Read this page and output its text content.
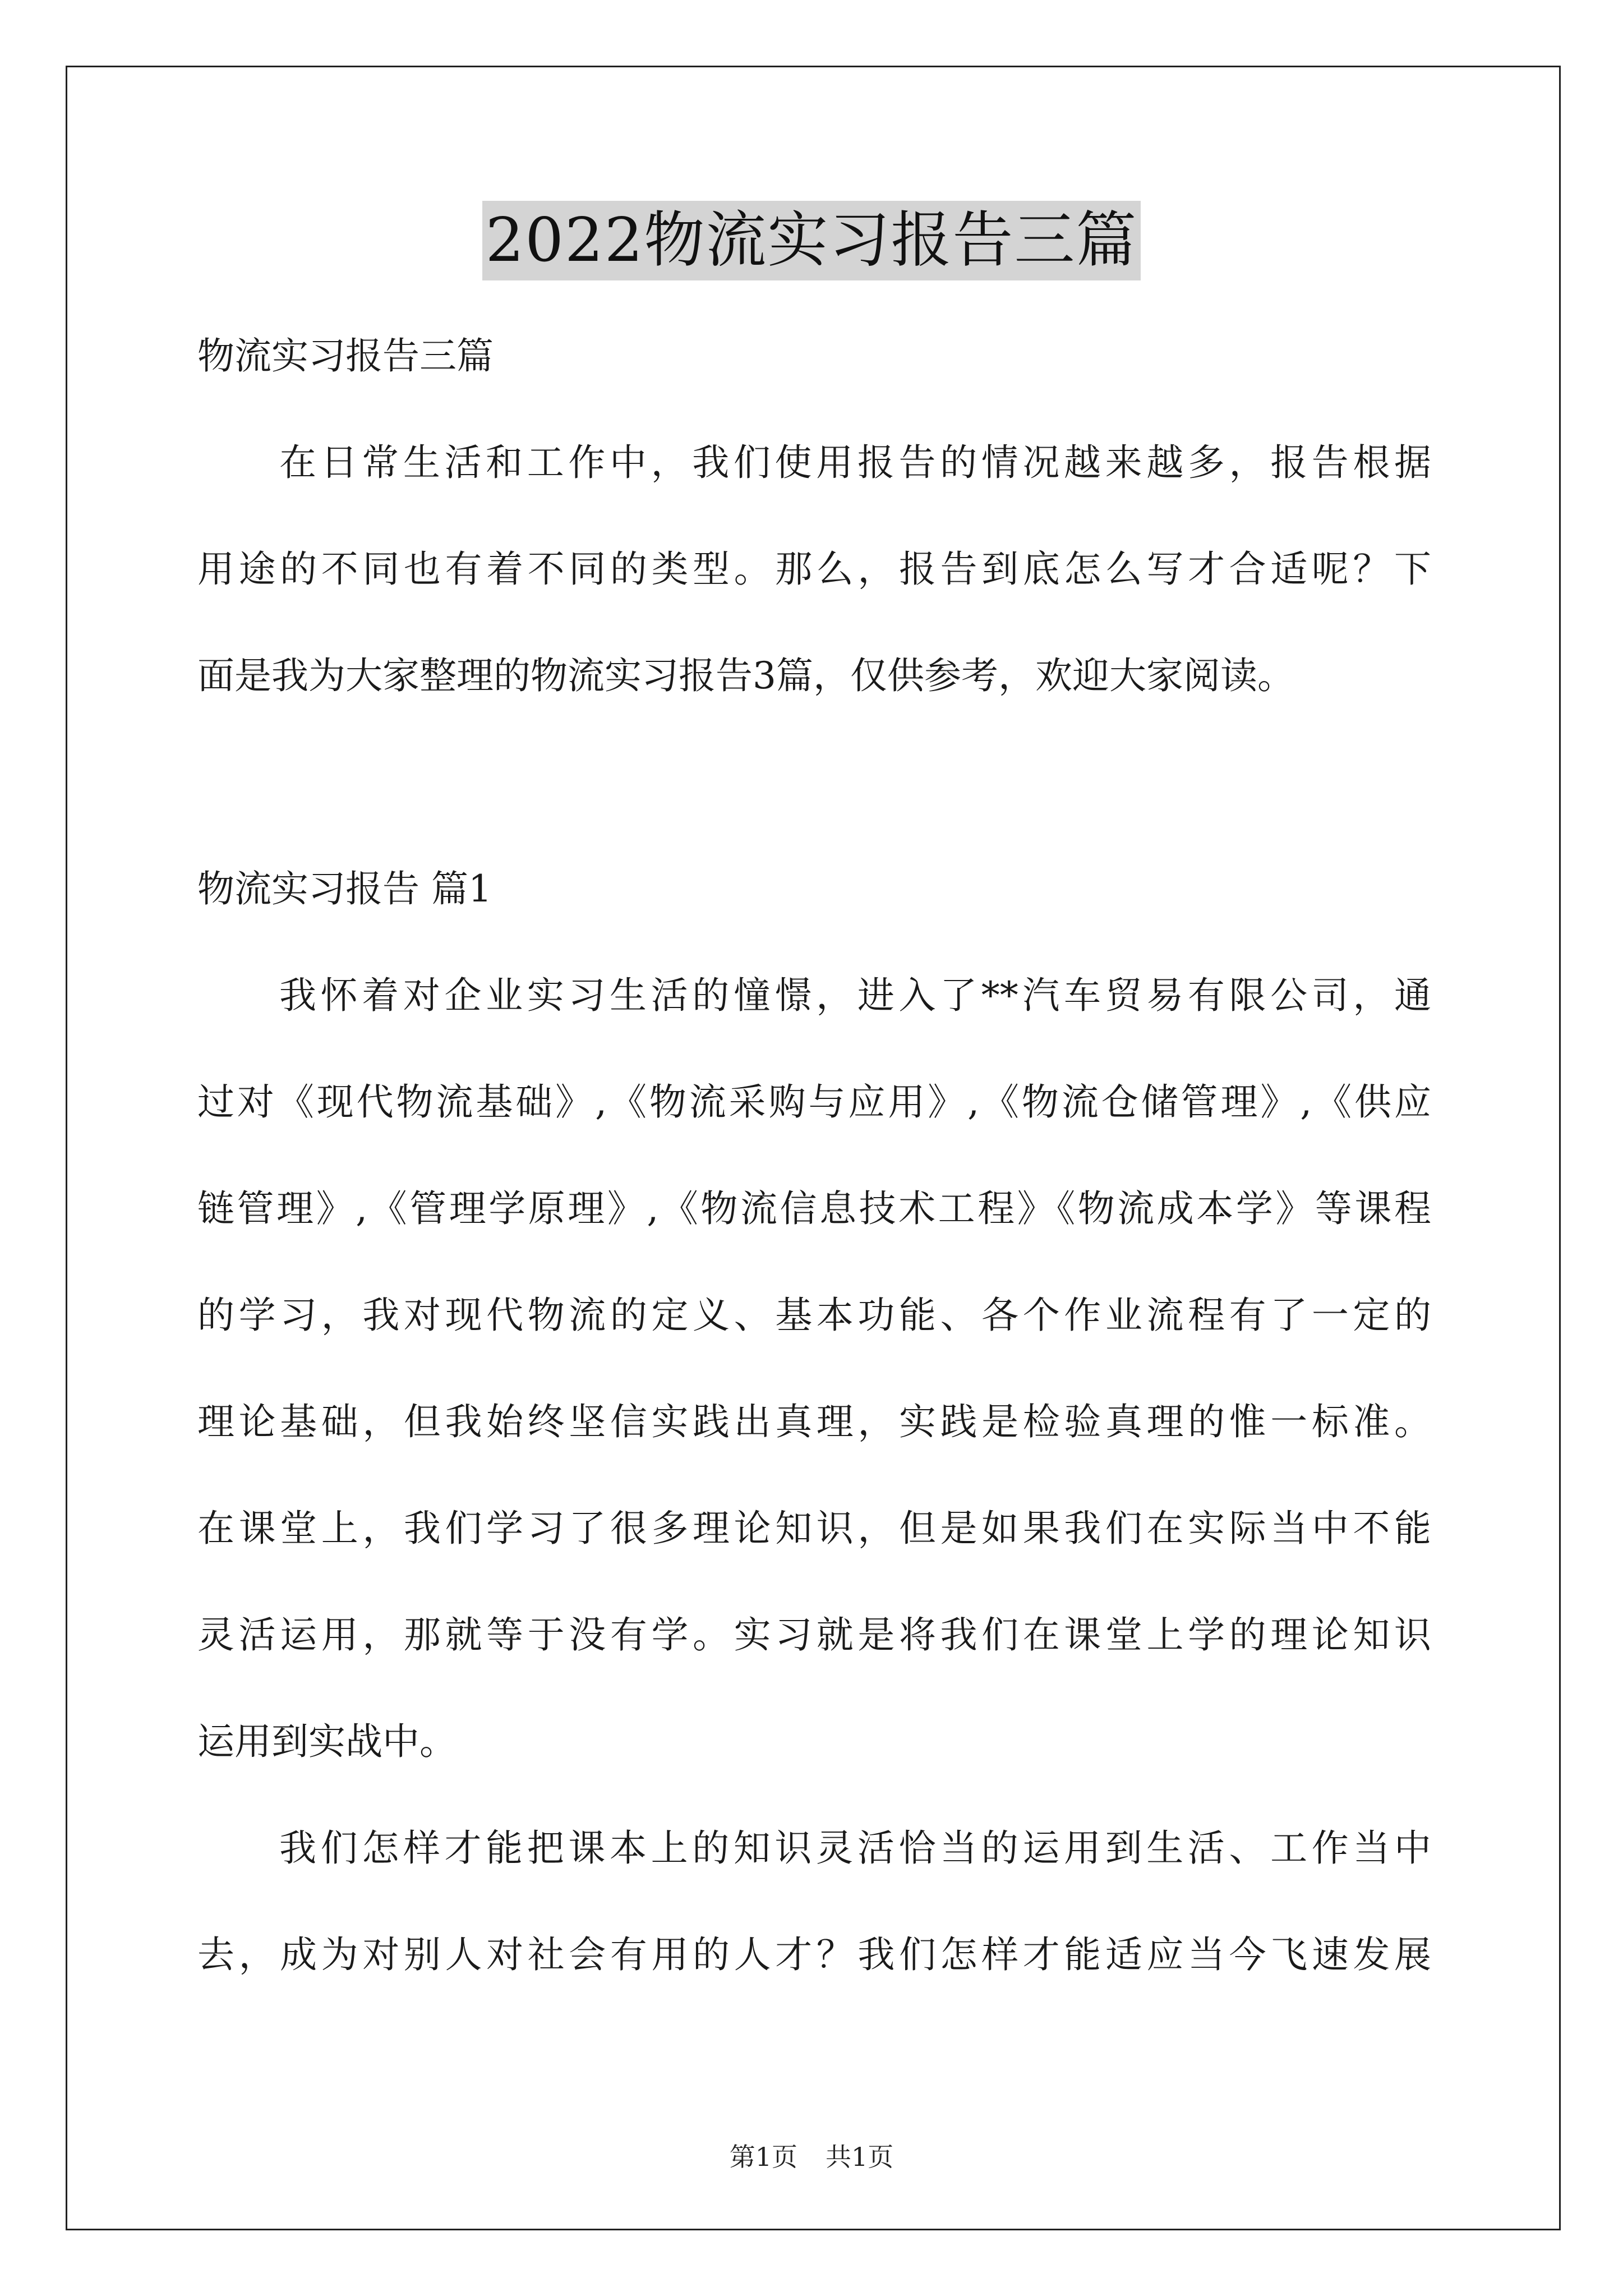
2022物流实习报告三篇
物流实习报告三篇
在日常生活和工作中，我们使用报告的情况越来越多，报告根据
用途的不同也有着不同的类型。那么，报告到底怎么写才合适呢？下
面是我为大家整理的物流实习报告3篇，仅供参考，欢迎大家阅读。
物流实习报告 篇1
我怀着对企业实习生活的憧憬，进入了**汽车贸易有限公司，通
过对《现代物流基础》,《物流采购与应用》,《物流仓储管理》,《供应
链管理》,《管理学原理》,《物流信息技术工程》《物流成本学》等课程
的学习，我对现代物流的定义、基本功能、各个作业流程有了一定的
理论基础，但我始终坚信实践出真理，实践是检验真理的惟一标准。
在课堂上，我们学习了很多理论知识，但是如果我们在实际当中不能
灵活运用，那就等于没有学。实习就是将我们在课堂上学的理论知识
运用到实战中。
我们怎样才能把课本上的知识灵活恰当的运用到生活、工作当中
去，成为对别人对社会有用的人才？我们怎样才能适应当今飞速发展
第1页 共1页
